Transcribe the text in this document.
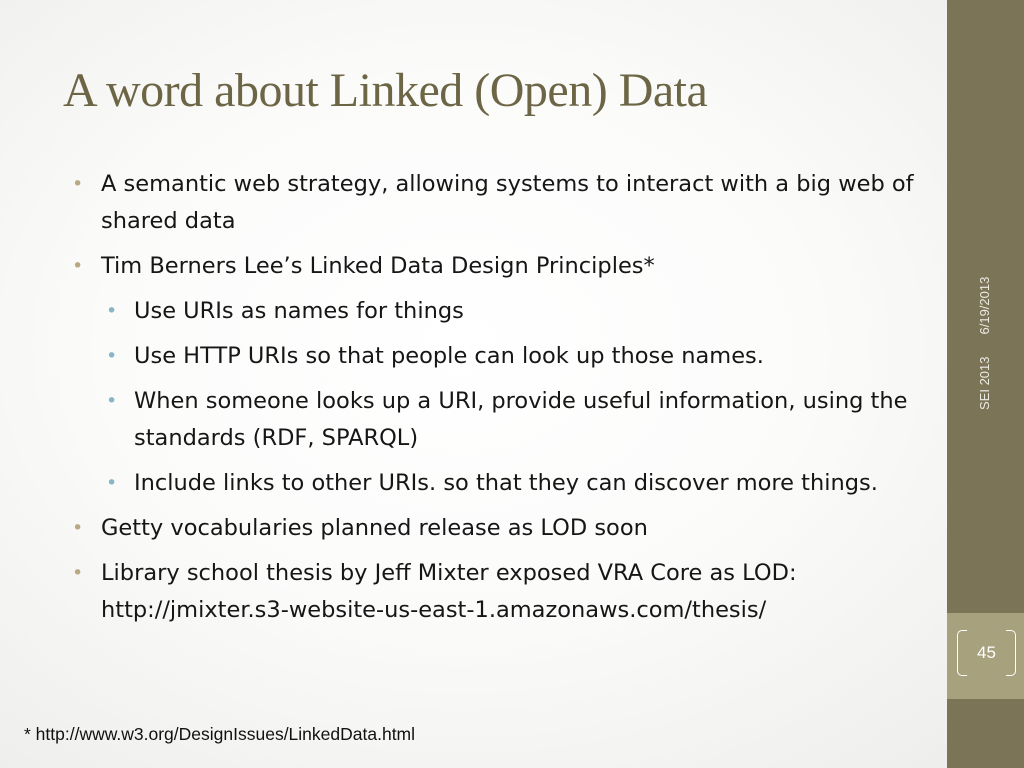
A word about Linked (Open) Data
• A semantic web strategy, allowing systems to interact with a big web of shared data
• Tim Berners Lee’s Linked Data Design Principles*
• Use URIs as names for things
• Use HTTP URIs so that people can look up those names.
• When someone looks up a URI, provide useful information, using the standards (RDF, SPARQL)
• Include links to other URIs. so that they can discover more things.
• Getty vocabularies planned release as LOD soon
• Library school thesis by Jeff Mixter exposed VRA Core as LOD: http://jmixter.s3-website-us-east-1.amazonaws.com/thesis/
* http://www.w3.org/DesignIssues/LinkedData.html
SEI 20136/19/2013
45
